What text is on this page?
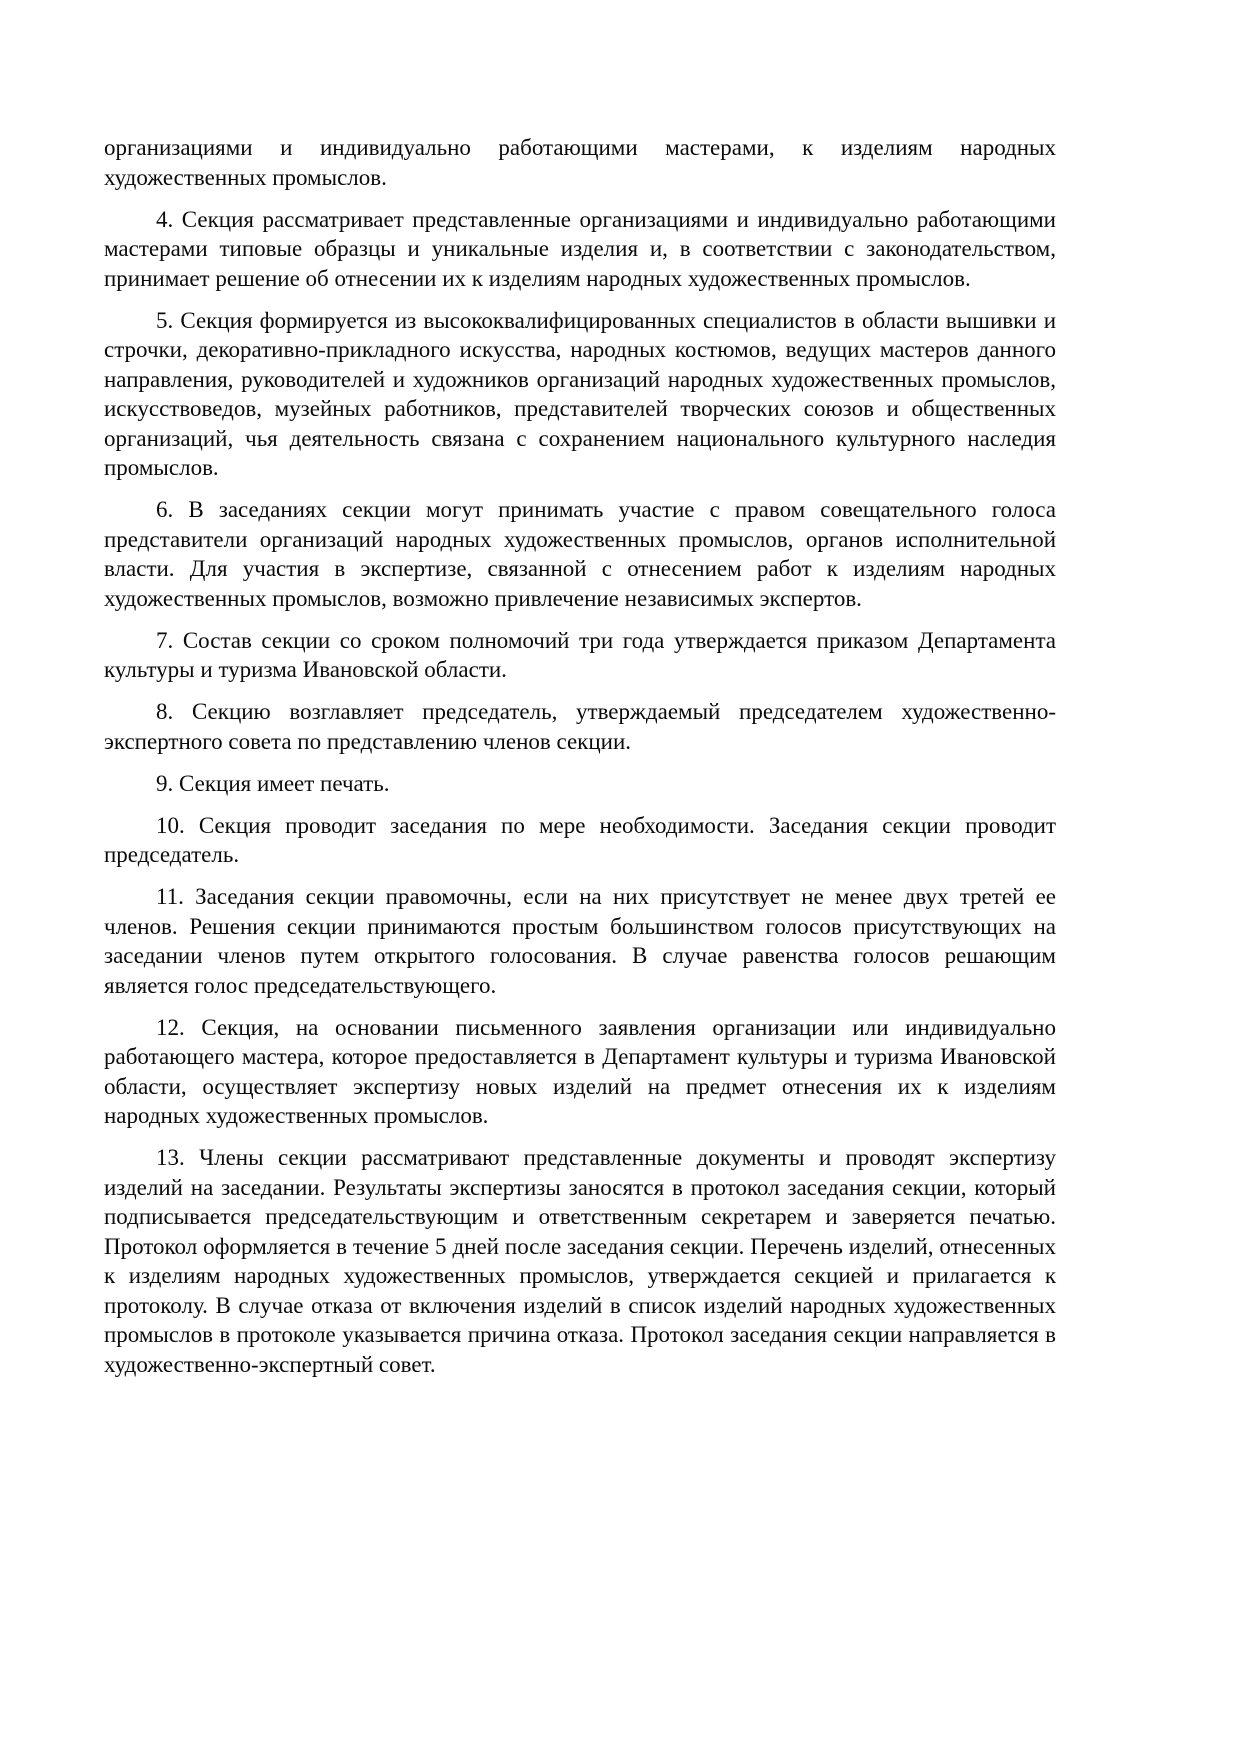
организациями и индивидуально работающими мастерами, к изделиям народных художественных промыслов.

4. Секция рассматривает представленные организациями и индивидуально работающими мастерами типовые образцы и уникальные изделия и, в соответствии с законодательством, принимает решение об отнесении их к изделиям народных художественных промыслов.

5. Секция формируется из высококвалифицированных специалистов в области вышивки и строчки, декоративно-прикладного искусства, народных костюмов, ведущих мастеров данного направления, руководителей и художников организаций народных художественных промыслов, искусствоведов, музейных работников, представителей творческих союзов и общественных организаций, чья деятельность связана с сохранением национального культурного наследия промыслов.

6. В заседаниях секции могут принимать участие с правом совещательного голоса представители организаций народных художественных промыслов, органов исполнительной власти. Для участия в экспертизе, связанной с отнесением работ к изделиям народных художественных промыслов, возможно привлечение независимых экспертов.

7. Состав секции со сроком полномочий три года утверждается приказом Департамента культуры и туризма Ивановской области.

8. Секцию возглавляет председатель, утверждаемый председателем художественно-экспертного совета по представлению членов секции.

9. Секция имеет печать.

10. Секция проводит заседания по мере необходимости. Заседания секции проводит председатель.

11. Заседания секции правомочны, если на них присутствует не менее двух третей ее членов. Решения секции принимаются простым большинством голосов присутствующих на заседании членов путем открытого голосования. В случае равенства голосов решающим является голос председательствующего.

12. Секция, на основании письменного заявления организации или индивидуально работающего мастера, которое предоставляется в Департамент культуры и туризма Ивановской области, осуществляет экспертизу новых изделий на предмет отнесения их к изделиям народных художественных промыслов.

13. Члены секции рассматривают представленные документы и проводят экспертизу изделий на заседании. Результаты экспертизы заносятся в протокол заседания секции, который подписывается председательствующим и ответственным секретарем и заверяется печатью. Протокол оформляется в течение 5 дней после заседания секции. Перечень изделий, отнесенных к изделиям народных художественных промыслов, утверждается секцией и прилагается к протоколу. В случае отказа от включения изделий в список изделий народных художественных промыслов в протоколе указывается причина отказа. Протокол заседания секции направляется в художественно-экспертный совет.
